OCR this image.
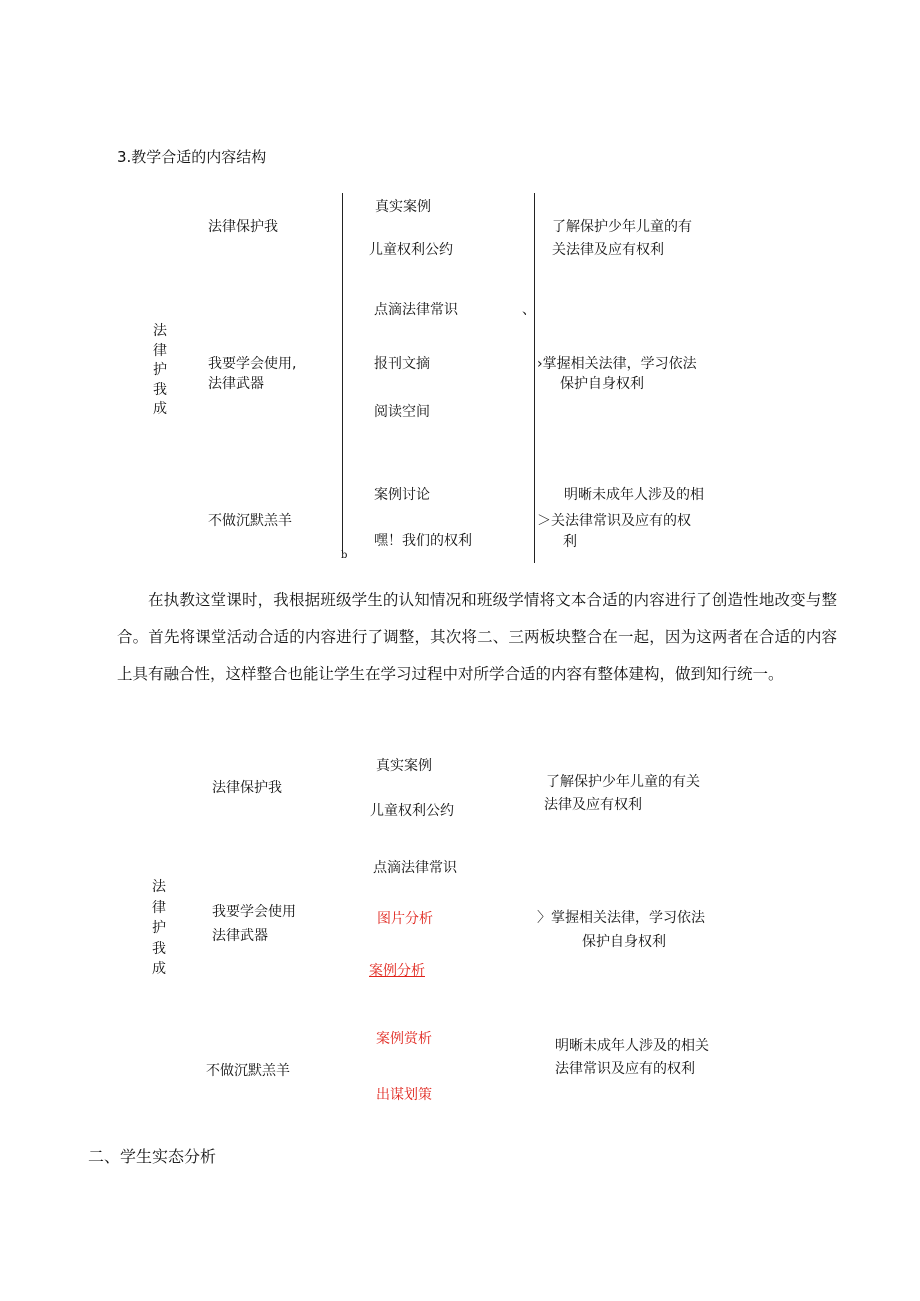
3.教学合适的内容结构
法
律
护
我
成
法律保护我
我要学会使用,
法律武器
不做沉默羔羊
真实案例
儿童权利公约
点滴法律常识
报刊文摘
阅读空间
案例讨论
嘿！我们的权利
了解保护少年儿童的有
关法律及应有权利
›掌握相关法律，学习依法
保护自身权利
明晰未成年人涉及的相
＞关法律常识及应有的权
利
、
b
在执教这堂课时，我根据班级学生的认知情况和班级学情将文本合适的内容进行了创造性地改变与整合。首先将课堂活动合适的内容进行了调整，其次将二、三两板块整合在一起，因为这两者在合适的内容上具有融合性，这样整合也能让学生在学习过程中对所学合适的内容有整体建构，做到知行统一。
法
律
护
我
成
法律保护我
我要学会使用
法律武器
不做沉默羔羊
真实案例
儿童权利公约
点滴法律常识
图片分析
案例分析
案例赏析
出谋划策
了解保护少年儿童的有关
法律及应有权利
〉掌握相关法律，学习依法
保护自身权利
明晰未成年人涉及的相关
法律常识及应有的权利
二、学生实态分析
